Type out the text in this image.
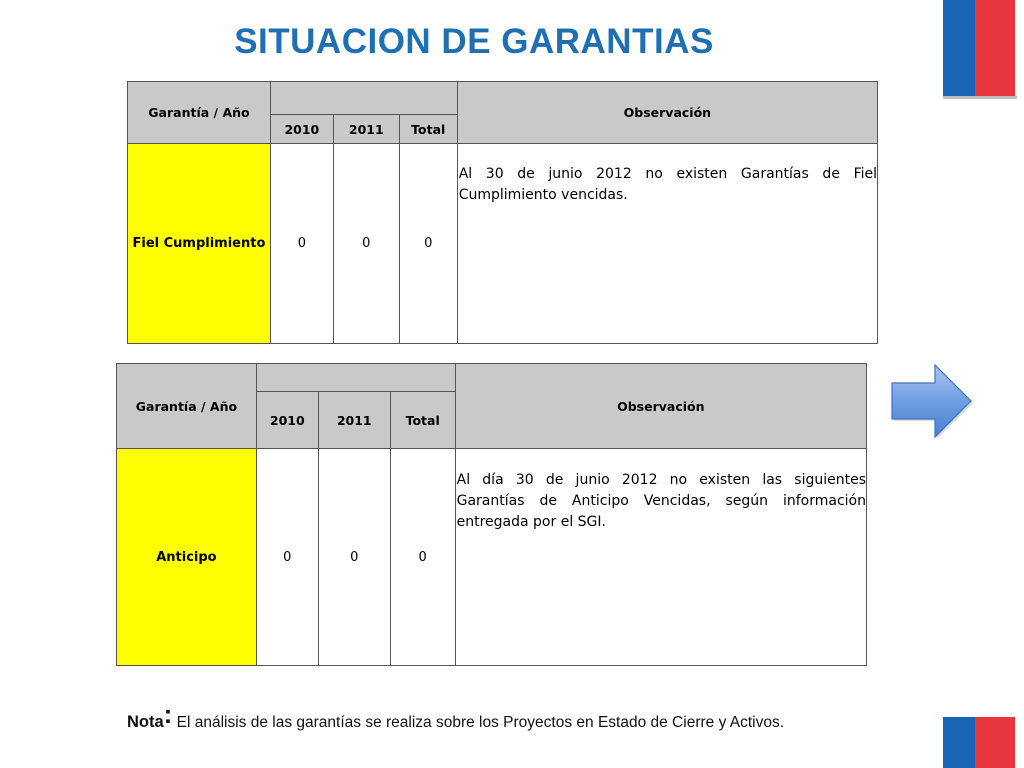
SITUACION DE GARANTIAS
Garantía / Año				Observación
	2010	2011	Total	
Fiel Cumplimiento	0	0	0	Al 30 de junio 2012 no existen Garantías de Fiel Cumplimiento vencidas.
Garantía / Año				Observación
	2010	2011	Total	
Anticipo	0	0	0	Al día 30 de junio 2012 no existen las siguientes Garantías de Anticipo Vencidas, según información entregada por el SGI.
Nota: El análisis de las garantías se realiza sobre los Proyectos en Estado de Cierre y Activos.
